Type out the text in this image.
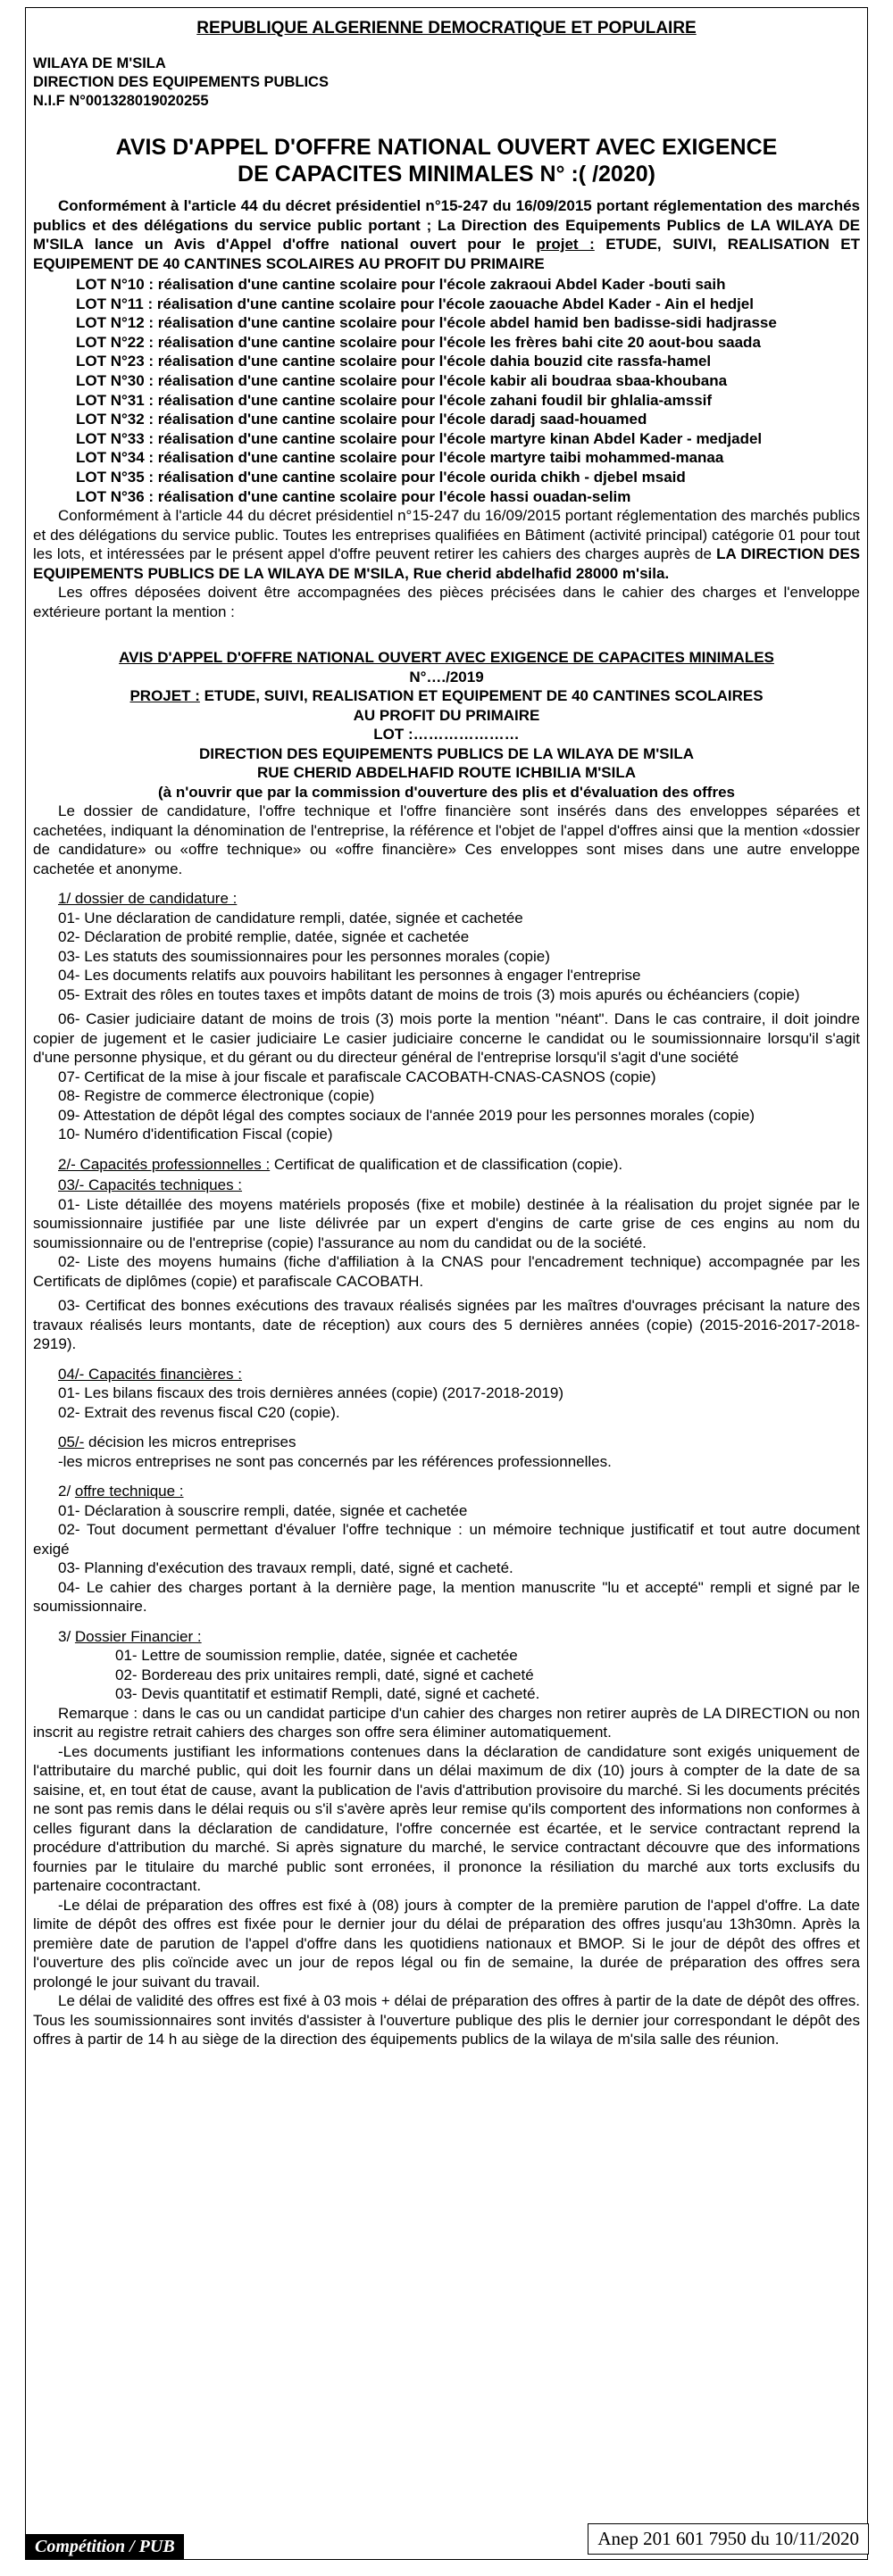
REPUBLIQUE ALGERIENNE DEMOCRATIQUE ET POPULAIRE
WILAYA DE M'SILA
DIRECTION DES EQUIPEMENTS PUBLICS
N.I.F N°001328019020255
AVIS D'APPEL D'OFFRE NATIONAL OUVERT AVEC EXIGENCE
DE CAPACITES MINIMALES N° :( /2020)

Conformément à l'article 44 du décret présidentiel n°15-247 du 16/09/2015 portant réglementation des marchés publics et des délégations du service public portant ; La Direction des Equipements Publics de LA WILAYA DE M'SILA lance un Avis d'Appel d'offre national ouvert pour le projet : ETUDE, SUIVI, REALISATION ET EQUIPEMENT DE 40 CANTINES SCOLAIRES AU PROFIT DU PRIMAIRE

LOT N°10 : réalisation d'une cantine scolaire pour l'école zakraoui Abdel Kader -bouti saih
LOT N°11 : réalisation d'une cantine scolaire pour l'école zaouache Abdel Kader - Ain el hedjel
LOT N°12 : réalisation d'une cantine scolaire pour l'école abdel hamid ben badisse-sidi hadjrasse
LOT N°22 : réalisation d'une cantine scolaire pour l'école les frères bahi cite 20 aout-bou saada
LOT N°23 : réalisation d'une cantine scolaire pour l'école dahia bouzid cite rassfa-hamel
LOT N°30 : réalisation d'une cantine scolaire pour l'école kabir ali boudraa sbaa-khoubana
LOT N°31 : réalisation d'une cantine scolaire pour l'école zahani foudil bir ghlalia-amssif
LOT N°32 : réalisation d'une cantine scolaire pour l'école daradj saad-houamed
LOT N°33 : réalisation d'une cantine scolaire pour l'école martyre kinan Abdel Kader - medjadel
LOT N°34 : réalisation d'une cantine scolaire pour l'école martyre taibi mohammed-manaa
LOT N°35 : réalisation d'une cantine scolaire pour l'école ourida chikh - djebel msaid
LOT N°36 : réalisation d'une cantine scolaire pour l'école hassi ouadan-selim

Conformément à l'article 44 du décret présidentiel n°15-247 du 16/09/2015 portant réglementation des marchés publics et des délégations du service public. Toutes les entreprises qualifiées en Bâtiment (activité principal) catégorie 01 pour tout les lots, et intéressées par le présent appel d'offre peuvent retirer les cahiers des charges auprès de LA DIRECTION DES EQUIPEMENTS PUBLICS DE LA WILAYA DE M'SILA, Rue cherid abdelhafid 28000 m'sila.

Les offres déposées doivent être accompagnées des pièces précisées dans le cahier des charges et l'enveloppe extérieure portant la mention :

AVIS D'APPEL D'OFFRE NATIONAL OUVERT AVEC EXIGENCE DE CAPACITES MINIMALES
N°…./2019
PROJET : ETUDE, SUIVI, REALISATION ET EQUIPEMENT DE 40 CANTINES SCOLAIRES
AU PROFIT DU PRIMAIRE
LOT :…………………
DIRECTION DES EQUIPEMENTS PUBLICS DE LA WILAYA DE M'SILA
RUE CHERID ABDELHAFID ROUTE ICHBILIA M'SILA
(à n'ouvrir que par la commission d'ouverture des plis et d'évaluation des offres

Le dossier de candidature, l'offre technique et l'offre financière sont insérés dans des enveloppes séparées et cachetées, indiquant la dénomination de l'entreprise, la référence et l'objet de l'appel d'offres ainsi que la mention «dossier de candidature» ou «offre technique» ou «offre financière» Ces enveloppes sont mises dans une autre enveloppe cachetée et anonyme.

1/ dossier de candidature :
01- Une déclaration de candidature rempli, datée, signée et cachetée
02- Déclaration de probité remplie, datée, signée et cachetée
03- Les statuts des soumissionnaires pour les personnes morales (copie)
04- Les documents relatifs aux pouvoirs habilitant les personnes à engager l'entreprise
05- Extrait des rôles en toutes taxes et impôts datant de moins de trois (3) mois apurés ou échéanciers (copie)
06- Casier judiciaire datant de moins de trois (3) mois porte la mention "néant". Dans le cas contraire, il doit joindre copier de jugement et le casier judiciaire Le casier judiciaire concerne le candidat ou le soumissionnaire lorsqu'il s'agit d'une personne physique, et du gérant ou du directeur général de l'entreprise lorsqu'il s'agit d'une société
07- Certificat de la mise à jour fiscale et parafiscale CACOBATH-CNAS-CASNOS (copie)
08- Registre de commerce électronique (copie)
09- Attestation de dépôt légal des comptes sociaux de l'année 2019 pour les personnes morales (copie)
10- Numéro d'identification Fiscal (copie)
2/- Capacités professionnelles : Certificat de qualification et de classification (copie).
03/- Capacités techniques :
01- Liste détaillée des moyens matériels proposés (fixe et mobile) destinée à la réalisation du projet signée par le soumissionnaire justifiée par une liste délivrée par un expert d'engins de carte grise de ces engins au nom du soumissionnaire ou de l'entreprise (copie) l'assurance au nom du candidat ou de la société.
02- Liste des moyens humains (fiche d'affiliation à la CNAS pour l'encadrement technique) accompagnée par les Certificats de diplômes (copie) et parafiscale CACOBATH.
03- Certificat des bonnes exécutions des travaux réalisés signées par les maîtres d'ouvrages précisant la nature des travaux réalisés leurs montants, date de réception) aux cours des 5 dernières années (copie) (2015-2016-2017-2018-2919).
04/- Capacités financières :
01- Les bilans fiscaux des trois dernières années (copie) (2017-2018-2019)
02- Extrait des revenus fiscal C20 (copie).
05/- décision les micros entreprises
-les micros entreprises ne sont pas concernés par les références professionnelles.
2/ offre technique :
01- Déclaration à souscrire rempli, datée, signée et cachetée
02- Tout document permettant d'évaluer l'offre technique : un mémoire technique justificatif et tout autre document exigé
03- Planning d'exécution des travaux rempli, daté, signé et cacheté.
04- Le cahier des charges portant à la dernière page, la mention manuscrite "lu et accepté" rempli et signé par le soumissionnaire.
3/ Dossier Financier :
01- Lettre de soumission remplie, datée, signée et cachetée
02- Bordereau des prix unitaires rempli, daté, signé et cacheté
03- Devis quantitatif et estimatif Rempli, daté, signé et cacheté.

Remarque : dans le cas ou un candidat participe d'un cahier des charges non retirer auprès de LA DIRECTION ou non inscrit au registre retrait cahiers des charges son offre sera éliminer automatiquement.

-Les documents justifiant les informations contenues dans la déclaration de candidature sont exigés uniquement de l'attributaire du marché public, qui doit les fournir dans un délai maximum de dix (10) jours à compter de la date de sa saisine, et, en tout état de cause, avant la publication de l'avis d'attribution provisoire du marché. Si les documents précités ne sont pas remis dans le délai requis ou s'il s'avère après leur remise qu'ils comportent des informations non conformes à celles figurant dans la déclaration de candidature, l'offre concernée est écartée, et le service contractant reprend la procédure d'attribution du marché. Si après signature du marché, le service contractant découvre que des informations fournies par le titulaire du marché public sont erronées, il prononce la résiliation du marché aux torts exclusifs du partenaire cocontractant.

-Le délai de préparation des offres est fixé à (08) jours à compter de la première parution de l'appel d'offre. La date limite de dépôt des offres est fixée pour le dernier jour du délai de préparation des offres jusqu'au 13h30mn. Après la première date de parution de l'appel d'offre dans les quotidiens nationaux et BMOP. Si le jour de dépôt des offres et l'ouverture des plis coïncide avec un jour de repos légal ou fin de semaine, la durée de préparation des offres sera prolongé le jour suivant du travail.

Le délai de validité des offres est fixé à 03 mois + délai de préparation des offres à partir de la date de dépôt des offres. Tous les soumissionnaires sont invités d'assister à l'ouverture publique des plis le dernier jour correspondant le dépôt des offres à partir de 14 h au siège de la direction des équipements publics de la wilaya de m'sila salle des réunion.

Compétition / PUB	Anep 201 601 7950 du 10/11/2020
